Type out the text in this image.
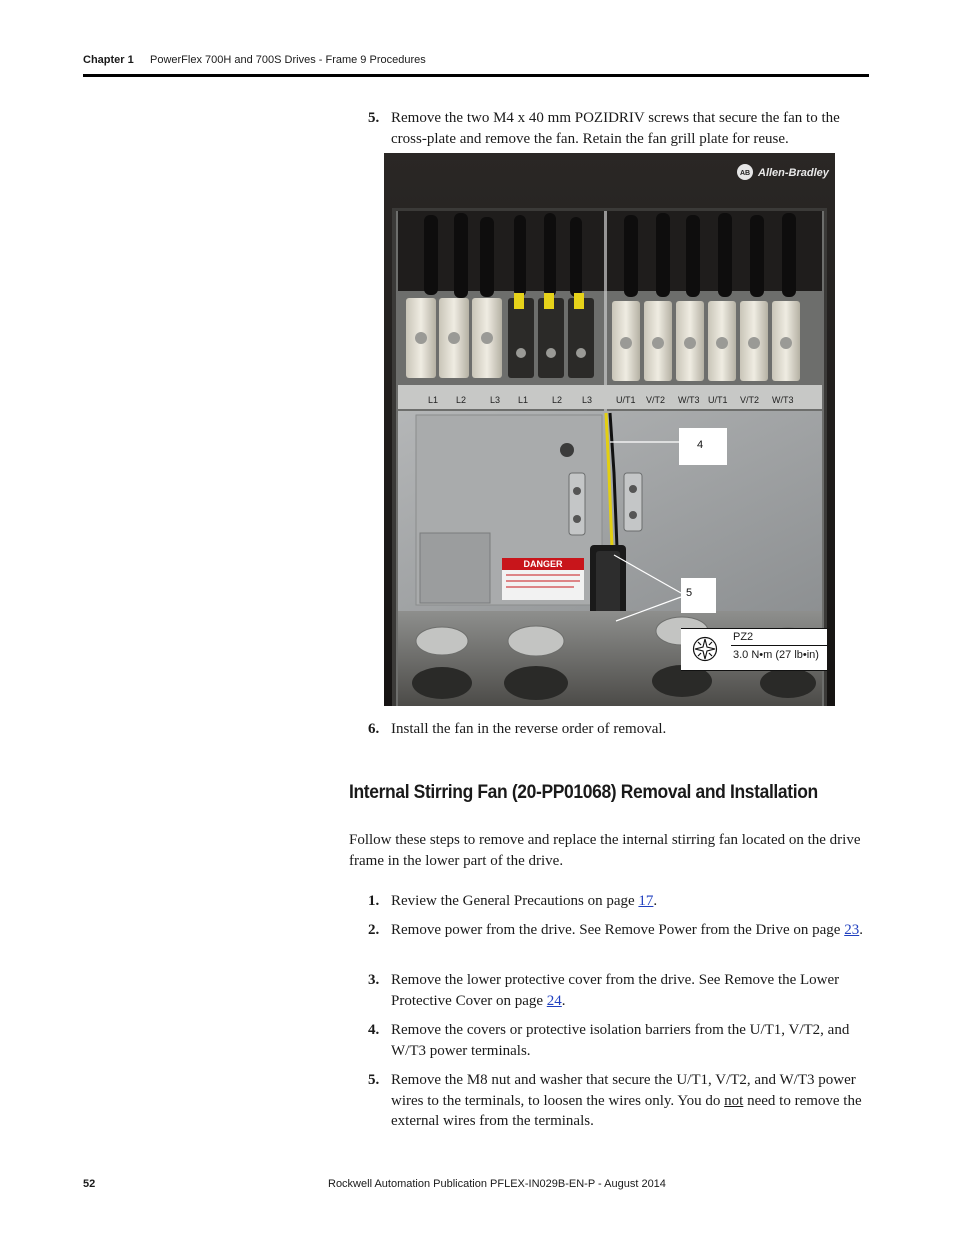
Chapter 1 PowerFlex 700H and 700S Drives - Frame 9 Procedures
5. Remove the two M4 x 40 mm POZIDRIV screws that secure the fan to the cross-plate and remove the fan. Retain the fan grill plate for reuse.
AB Allen-Bradley
L1 L2	L3 L1	L2 L3	U/T1 V/T2 W/T3 U/T1 V/T2 W/T3
DANGER
4
5
PZ2
3.0 N•m (27 lb•in)
6. Install the fan in the reverse order of removal.
Internal Stirring Fan (20-PP01068) Removal and Installation
Follow these steps to remove and replace the internal stirring fan located on the drive frame in the lower part of the drive.
1. Review the General Precautions on page 17.
2. Remove power from the drive. See Remove Power from the Drive on page 23.
3. Remove the lower protective cover from the drive. See Remove the Lower Protective Cover on page 24.
4. Remove the covers or protective isolation barriers from the U/T1, V/T2, and W/T3 power terminals.
5. Remove the M8 nut and washer that secure the U/T1, V/T2, and W/T3 power wires to the terminals, to loosen the wires only. You do not need to remove the external wires from the terminals.
52	Rockwell Automation Publication PFLEX-IN029B-EN-P - August 2014
